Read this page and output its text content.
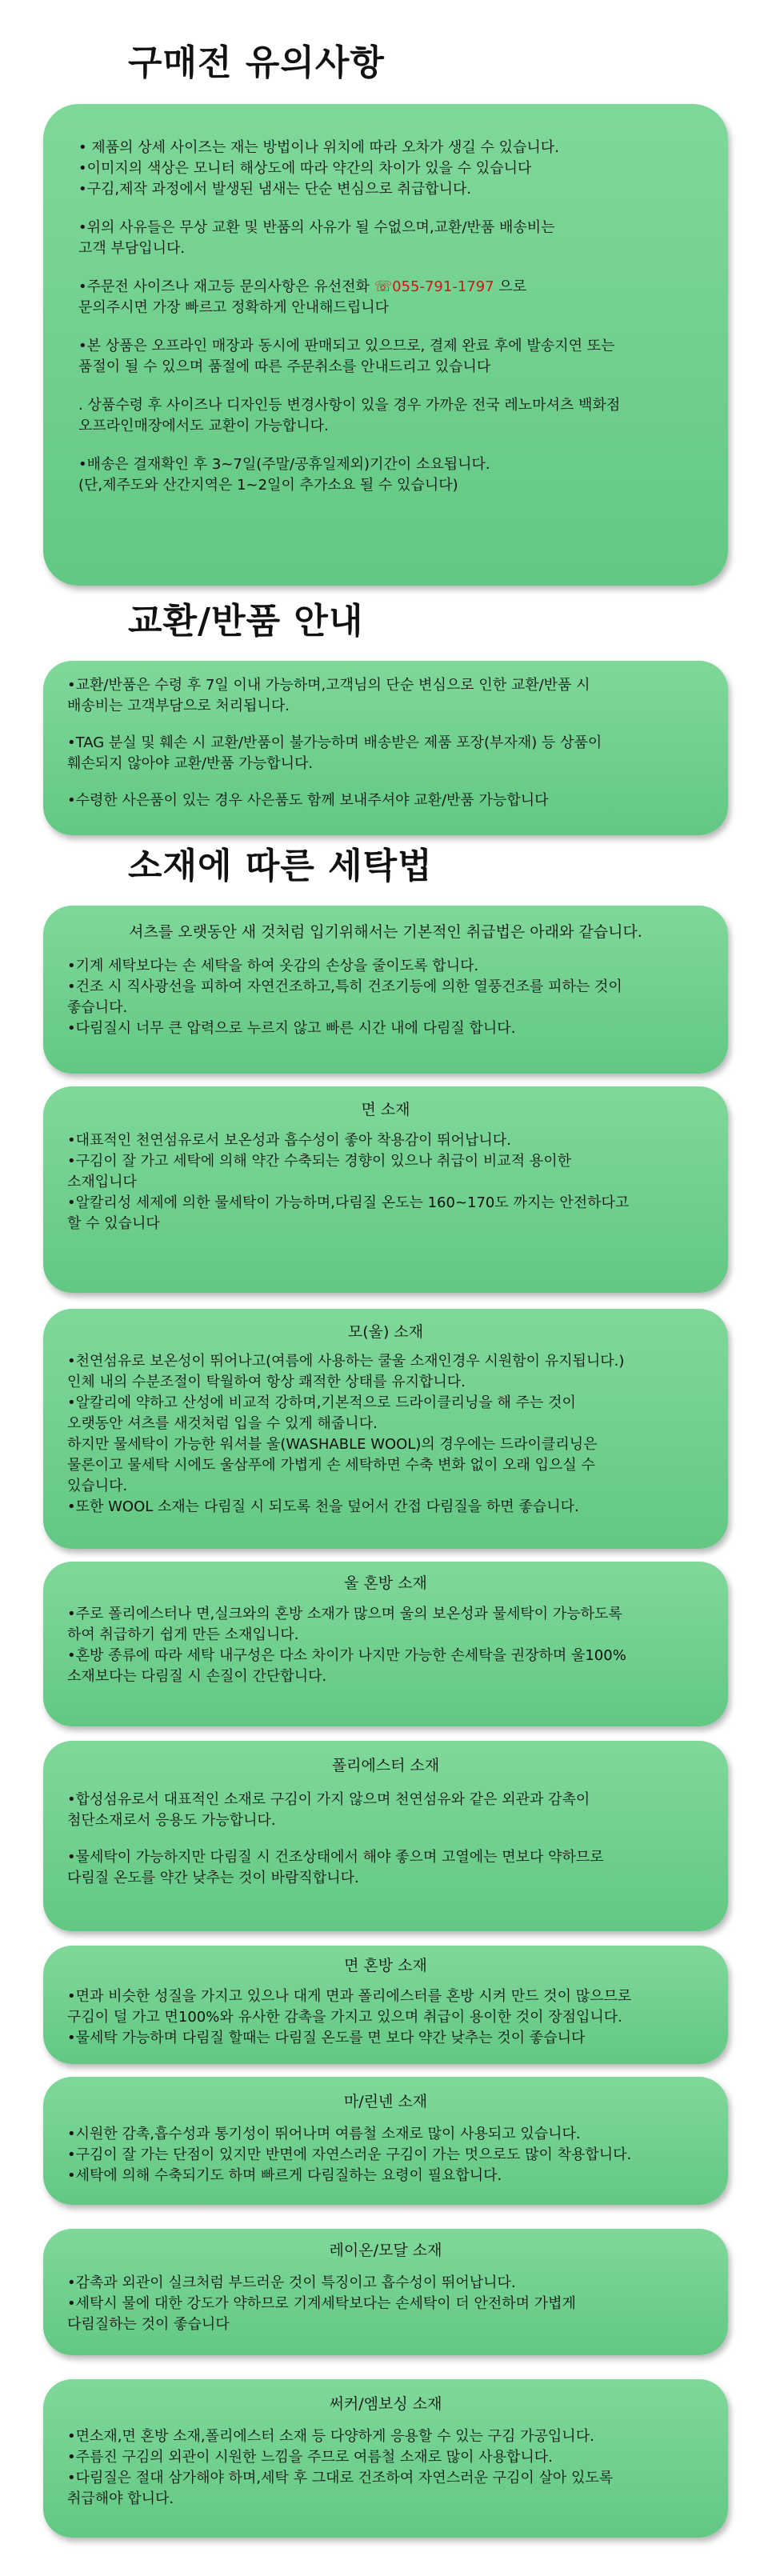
구매전 유의사항
• 제품의 상세 사이즈는 재는 방법이나 위치에 따라 오차가 생길 수 있습니다.
•이미지의 색상은 모니터 해상도에 따라 약간의 차이가 있을 수 있습니다
•구김,제작 과정에서 발생된 냄새는 단순 변심으로 취급합니다.
•위의 사유들은 무상 교환 및 반품의 사유가 될 수없으며,교환/반품 배송비는
고객 부담입니다.
•주문전 사이즈나 재고등 문의사항은 유선전화 ☏055-791-1797 으로
문의주시면 가장 빠르고 정확하게 안내해드립니다
•본 상품은 오프라인 매장과 동시에 판매되고 있으므로, 결제 완료 후에 발송지연 또는
품절이 될 수 있으며 품절에 따른 주문취소를 안내드리고 있습니다
. 상품수령 후 사이즈나 디자인등 변경사항이 있을 경우 가까운 전국 레노마셔츠 백화점
오프라인매장에서도 교환이 가능합니다.
•배송은 결재확인 후 3~7일(주말/공휴일제외)기간이 소요됩니다.
(단,제주도와 산간지역은 1~2일이 추가소요 될 수 있습니다)
교환/반품 안내
•교환/반품은 수령 후 7일 이내 가능하며,고객님의 단순 변심으로 인한 교환/반품 시
배송비는 고객부담으로 처리됩니다.
•TAG 분실 및 훼손 시 교환/반품이 불가능하며 배송받은 제품 포장(부자재) 등 상품이
훼손되지 않아야 교환/반품 가능합니다.
•수령한 사은품이 있는 경우 사은품도 함께 보내주셔야 교환/반품 가능합니다
소재에 따른 세탁법
셔츠를 오랫동안 새 것처럼 입기위해서는 기본적인 취급법은 아래와 같습니다.
•기계 세탁보다는 손 세탁을 하여 옷감의 손상을 줄이도록 합니다.
•건조 시 직사광선을 피하여 자연건조하고,특히 건조기등에 의한 열풍건조를 피하는 것이
좋습니다.
•다림질시 너무 큰 압력으로 누르지 않고 빠른 시간 내에 다림질 합니다.
면 소재
•대표적인 천연섬유로서 보온성과 흡수성이 좋아 착용감이 뛰어납니다.
•구김이 잘 가고 세탁에 의해 약간 수축되는 경향이 있으나 취급이 비교적 용이한
소재입니다
•알칼리성 세제에 의한 물세탁이 가능하며,다림질 온도는 160~170도 까지는 안전하다고
할 수 있습니다
모(울) 소재
•천연섬유로 보온성이 뛰어나고(여름에 사용하는 쿨울 소재인경우 시원함이 유지됩니다.)
인체 내의 수분조절이 탁월하여 항상 쾌적한 상태를 유지합니다.
•알칼리에 약하고 산성에 비교적 강하며,기본적으로 드라이클리닝을 해 주는 것이
오랫동안 셔츠를 새것처럼 입을 수 있게 해줍니다.
하지만 물세탁이 가능한 워셔블 울(WASHABLE WOOL)의 경우에는 드라이클리닝은
물론이고 물세탁 시에도 울삼푸에 가볍게 손 세탁하면 수축 변화 없이 오래 입으실 수
있습니다.
•또한 WOOL 소재는 다림질 시 되도록 천을 덮어서 간접 다림질을 하면 좋습니다.
울 혼방 소재
•주로 폴리에스터나 면,실크와의 혼방 소재가 많으며 울의 보온성과 물세탁이 가능하도록
하여 취급하기 쉽게 만든 소재입니다.
•혼방 종류에 따라 세탁 내구성은 다소 차이가 나지만 가능한 손세탁을 권장하며 울100%
소재보다는 다림질 시 손질이 간단합니다.
폴리에스터 소재
•합성섬유로서 대표적인 소재로 구김이 가지 않으며 천연섬유와 같은 외관과 감촉이
첨단소재로서 응용도 가능합니다.
•물세탁이 가능하지만 다림질 시 건조상태에서 해야 좋으며 고열에는 면보다 약하므로
다림질 온도를 약간 낮추는 것이 바람직합니다.
면 혼방 소재
•면과 비슷한 성질을 가지고 있으나 대게 면과 폴리에스터를 혼방 시켜 만드 것이 많으므로
구김이 덜 가고 면100%와 유사한 감촉을 가지고 있으며 취급이 용이한 것이 장점입니다.
•물세탁 가능하며 다림질 할때는 다림질 온도를 면 보다 약간 낮추는 것이 좋습니다
마/린넨 소재
•시원한 감촉,흡수성과 통기성이 뛰어나며 여름철 소재로 많이 사용되고 있습니다.
•구김이 잘 가는 단점이 있지만 반면에 자연스러운 구김이 가는 멋으로도 많이 착용합니다.
•세탁에 의해 수축되기도 하며 빠르게 다림질하는 요령이 필요합니다.
레이온/모달 소재
•감촉과 외관이 실크처럼 부드러운 것이 특징이고 흡수성이 뛰어납니다.
•세탁시 물에 대한 강도가 약하므로 기계세탁보다는 손세탁이 더 안전하며 가볍게
다림질하는 것이 좋습니다
써커/엠보싱 소재
•면소재,면 혼방 소재,폴리에스터 소재 등 다양하게 응용할 수 있는 구김 가공입니다.
•주름진 구김의 외관이 시원한 느낌을 주므로 여름철 소재로 많이 사용합니다.
•다림질은 절대 삼가해야 하며,세탁 후 그대로 건조하여 자연스러운 구김이 살아 있도록
취급해야 합니다.
